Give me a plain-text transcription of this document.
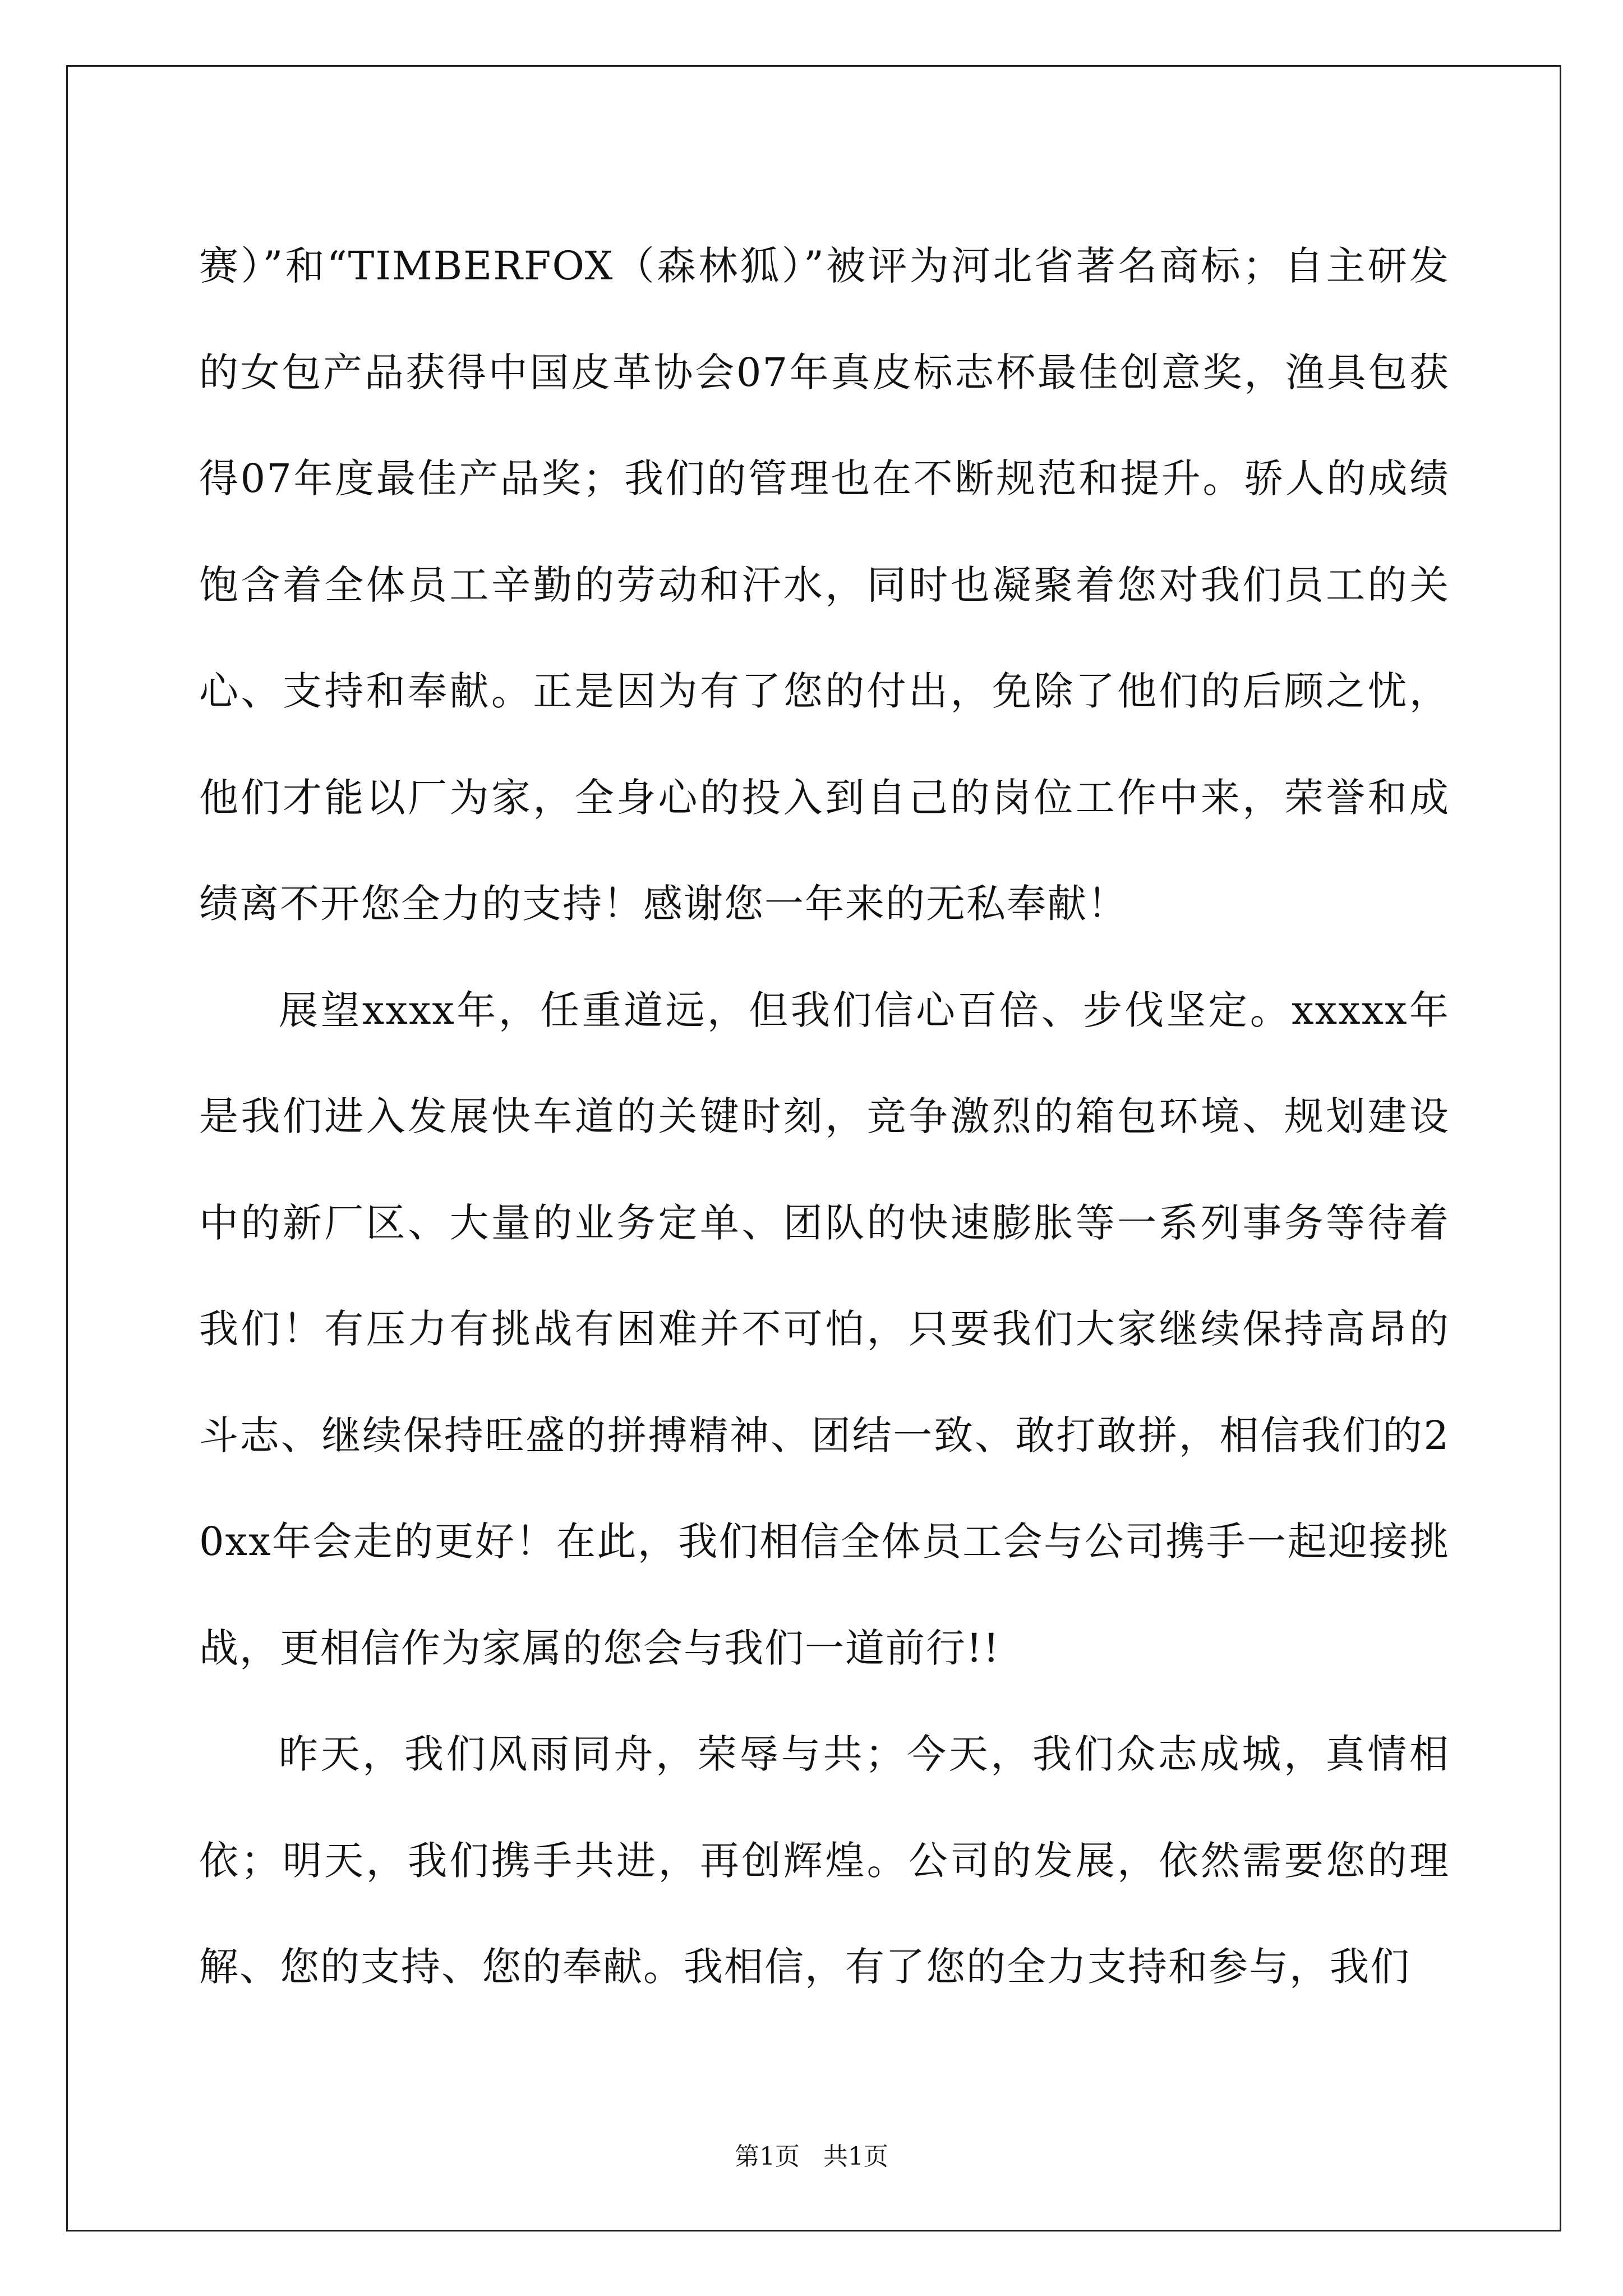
赛）”和“TIMBERFOX（森林狐）”被评为河北省著名商标；自主研发的女包产品获得中国皮革协会07年真皮标志杯最佳创意奖，渔具包获得07年度最佳产品奖；我们的管理也在不断规范和提升。骄人的成绩饱含着全体员工辛勤的劳动和汗水，同时也凝聚着您对我们员工的关心、支持和奉献。正是因为有了您的付出，免除了他们的后顾之忧，他们才能以厂为家，全身心的投入到自己的岗位工作中来，荣誉和成绩离不开您全力的支持！感谢您一年来的无私奉献！

展望xxxx年，任重道远，但我们信心百倍、步伐坚定。xxxxx年是我们进入发展快车道的关键时刻，竞争激烈的箱包环境、规划建设中的新厂区、大量的业务定单、团队的快速膨胀等一系列事务等待着我们！有压力有挑战有困难并不可怕，只要我们大家继续保持高昂的斗志、继续保持旺盛的拼搏精神、团结一致、敢打敢拼，相信我们的20xx年会走的更好！在此，我们相信全体员工会与公司携手一起迎接挑战，更相信作为家属的您会与我们一道前行!!

昨天，我们风雨同舟，荣辱与共；今天，我们众志成城，真情相依；明天，我们携手共进，再创辉煌。公司的发展，依然需要您的理解、您的支持、您的奉献。我相信，有了您的全力支持和参与，我们

第1页   共1页
